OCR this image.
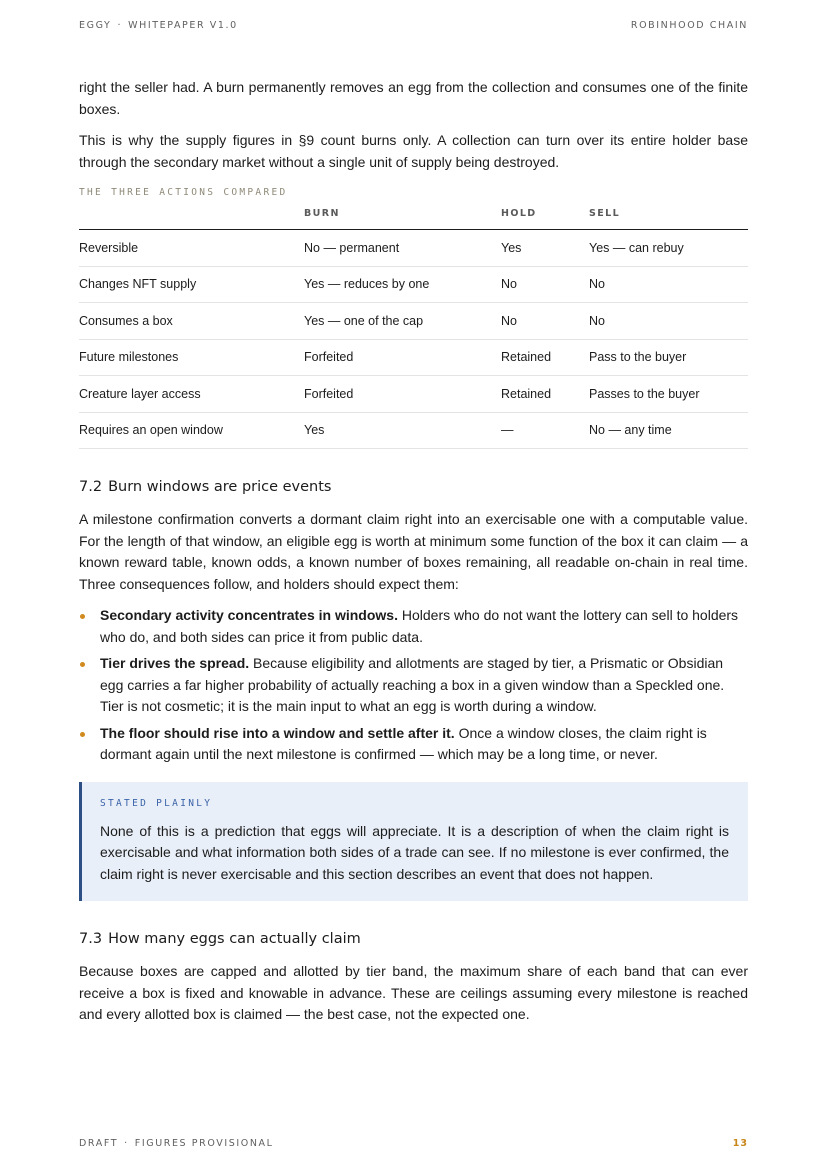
EGGY · WHITEPAPER V1.0	ROBINHOOD CHAIN

right the seller had. A burn permanently removes an egg from the collection and consumes one of the finite boxes.

This is why the supply figures in §9 count burns only. A collection can turn over its entire holder base through the secondary market without a single unit of supply being destroyed.

THE THREE ACTIONS COMPARED
	BURN	HOLD	SELL
Reversible	No — permanent	Yes	Yes — can rebuy
Changes NFT supply	Yes — reduces by one	No	No
Consumes a box	Yes — one of the cap	No	No
Future milestones	Forfeited	Retained	Pass to the buyer
Creature layer access	Forfeited	Retained	Passes to the buyer
Requires an open window	Yes	—	No — any time
7.2 Burn windows are price events

A milestone confirmation converts a dormant claim right into an exercisable one with a computable value. For the length of that window, an eligible egg is worth at minimum some function of the box it can claim — a known reward table, known odds, a known number of boxes remaining, all readable on-chain in real time. Three consequences follow, and holders should expect them:

Secondary activity concentrates in windows. Holders who do not want the lottery can sell to holders who do, and both sides can price it from public data.
Tier drives the spread. Because eligibility and allotments are staged by tier, a Prismatic or Obsidian egg carries a far higher probability of actually reaching a box in a given window than a Speckled one. Tier is not cosmetic; it is the main input to what an egg is worth during a window.
The floor should rise into a window and settle after it. Once a window closes, the claim right is dormant again until the next milestone is confirmed — which may be a long time, or never.
STATED PLAINLY

None of this is a prediction that eggs will appreciate. It is a description of when the claim right is exercisable and what information both sides of a trade can see. If no milestone is ever confirmed, the claim right is never exercisable and this section describes an event that does not happen.

7.3 How many eggs can actually claim

Because boxes are capped and allotted by tier band, the maximum share of each band that can ever receive a box is fixed and knowable in advance. These are ceilings assuming every milestone is reached and every allotted box is claimed — the best case, not the expected one.

DRAFT · FIGURES PROVISIONAL	13
